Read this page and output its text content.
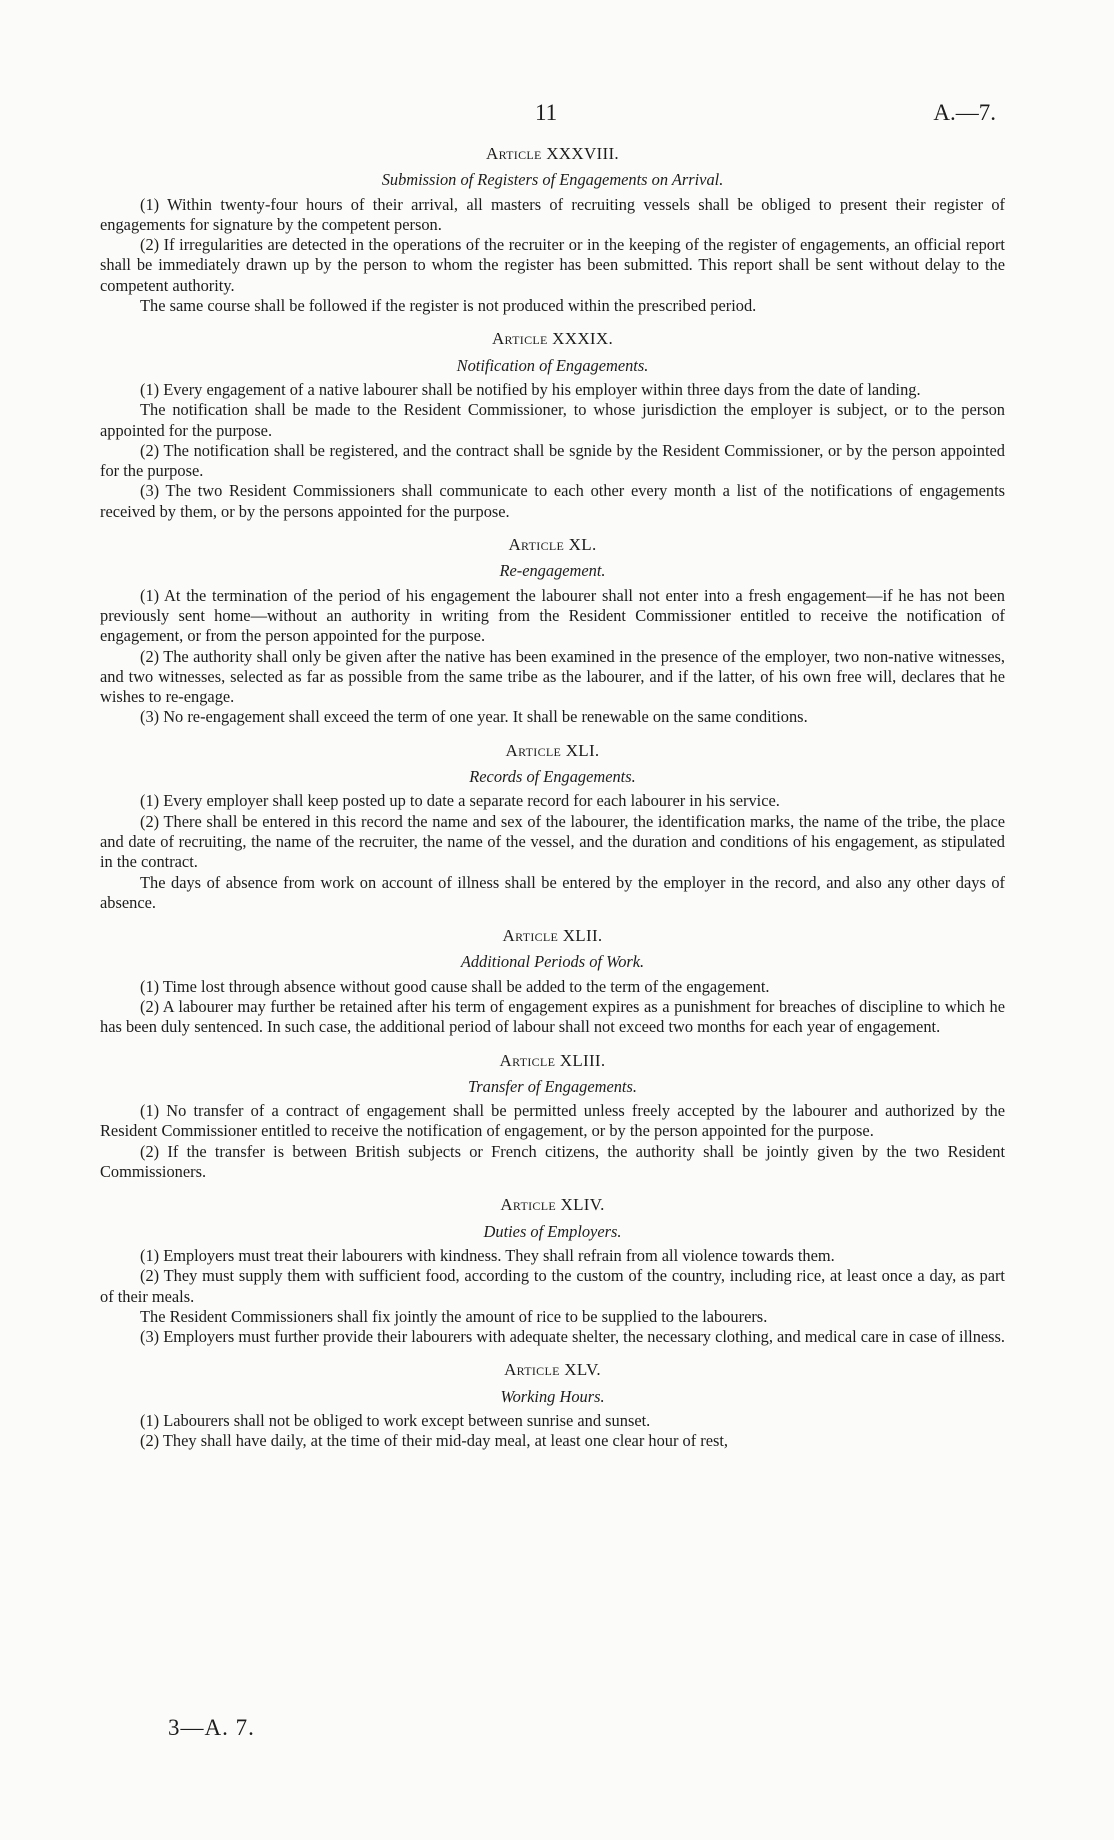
11	A.—7.
Article XXXVIII.
Submission of Registers of Engagements on Arrival.

(1) Within twenty-four hours of their arrival, all masters of recruiting vessels shall be obliged to present their register of engagements for signature by the competent person.

(2) If irregularities are detected in the operations of the recruiter or in the keeping of the register of engagements, an official report shall be immediately drawn up by the person to whom the register has been submitted. This report shall be sent without delay to the competent authority.

The same course shall be followed if the register is not produced within the prescribed period.

Article XXXIX.
Notification of Engagements.

(1) Every engagement of a native labourer shall be notified by his employer within three days from the date of landing.

The notification shall be made to the Resident Commissioner, to whose jurisdiction the employer is subject, or to the person appointed for the purpose.

(2) The notification shall be registered, and the contract shall be sgnide by the Resident Commissioner, or by the person appointed for the purpose.

(3) The two Resident Commissioners shall communicate to each other every month a list of the notifications of engagements received by them, or by the persons appointed for the purpose.

Article XL.
Re-engagement.

(1) At the termination of the period of his engagement the labourer shall not enter into a fresh engagement—if he has not been previously sent home—without an authority in writing from the Resident Commissioner entitled to receive the notification of engagement, or from the person appointed for the purpose.

(2) The authority shall only be given after the native has been examined in the presence of the employer, two non-native witnesses, and two witnesses, selected as far as possible from the same tribe as the labourer, and if the latter, of his own free will, declares that he wishes to re-engage.

(3) No re-engagement shall exceed the term of one year. It shall be renewable on the same conditions.

Article XLI.
Records of Engagements.

(1) Every employer shall keep posted up to date a separate record for each labourer in his service.

(2) There shall be entered in this record the name and sex of the labourer, the identification marks, the name of the tribe, the place and date of recruiting, the name of the recruiter, the name of the vessel, and the duration and conditions of his engagement, as stipulated in the contract.

The days of absence from work on account of illness shall be entered by the employer in the record, and also any other days of absence.

Article XLII.
Additional Periods of Work.

(1) Time lost through absence without good cause shall be added to the term of the engagement.

(2) A labourer may further be retained after his term of engagement expires as a punishment for breaches of discipline to which he has been duly sentenced. In such case, the additional period of labour shall not exceed two months for each year of engagement.

Article XLIII.
Transfer of Engagements.

(1) No transfer of a contract of engagement shall be permitted unless freely accepted by the labourer and authorized by the Resident Commissioner entitled to receive the notification of engagement, or by the person appointed for the purpose.

(2) If the transfer is between British subjects or French citizens, the authority shall be jointly given by the two Resident Commissioners.

Article XLIV.
Duties of Employers.

(1) Employers must treat their labourers with kindness. They shall refrain from all violence towards them.

(2) They must supply them with sufficient food, according to the custom of the country, including rice, at least once a day, as part of their meals.

The Resident Commissioners shall fix jointly the amount of rice to be supplied to the labourers.

(3) Employers must further provide their labourers with adequate shelter, the necessary clothing, and medical care in case of illness.

Article XLV.
Working Hours.

(1) Labourers shall not be obliged to work except between sunrise and sunset.

(2) They shall have daily, at the time of their mid-day meal, at least one clear hour of rest,

3—A. 7.
